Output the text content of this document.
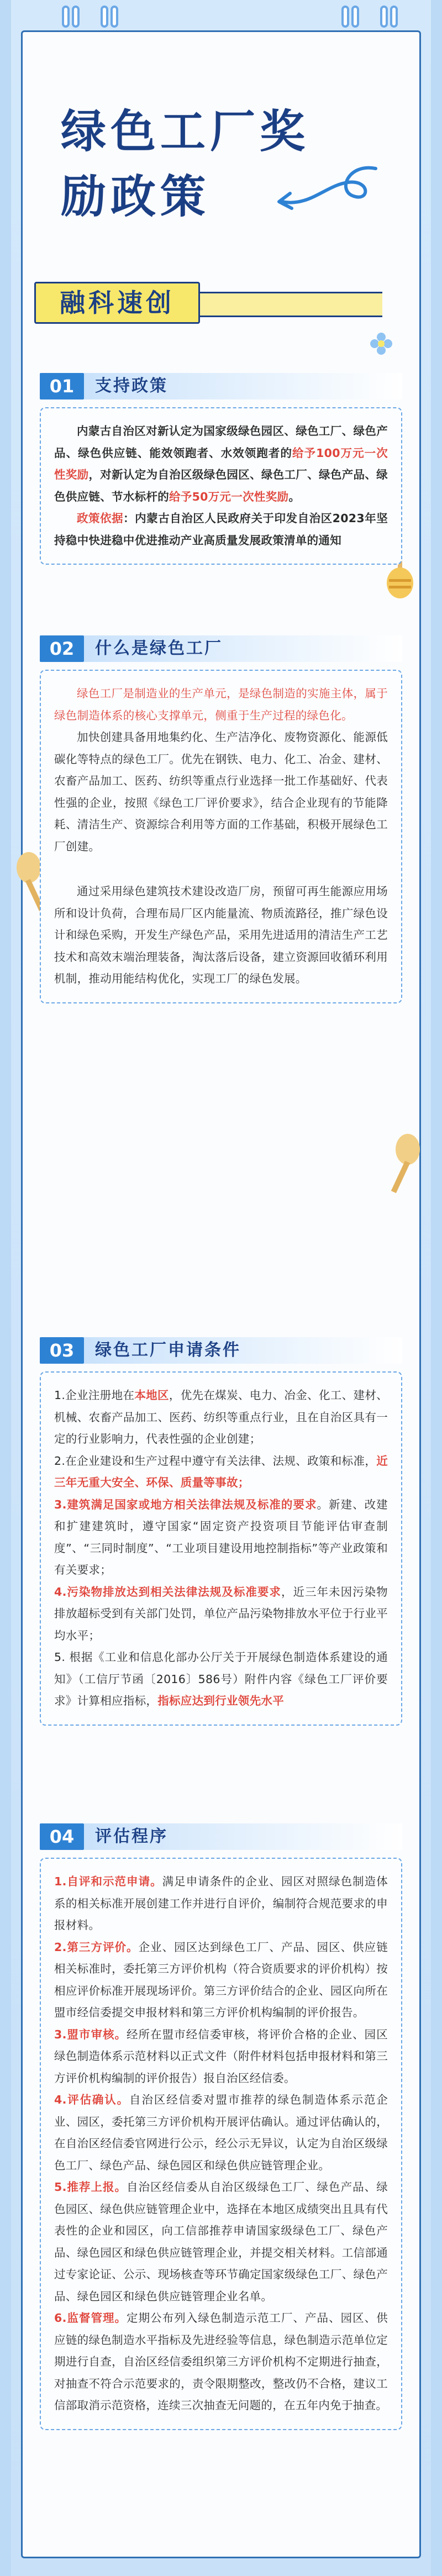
绿色工厂奖
励政策
融科速创
01	支持政策

内蒙古自治区对新认定为国家级绿色园区、绿色工厂、绿色产品、绿色供应链、能效领跑者、水效领跑者的给予100万元一次性奖励，对新认定为自治区级绿色园区、绿色工厂、绿色产品、绿色供应链、节水标杆的给予50万元一次性奖励。

政策依据：内蒙古自治区人民政府关于印发自治区2023年坚持稳中快进稳中优进推动产业高质量发展政策清单的通知

02	什么是绿色工厂

绿色工厂是制造业的生产单元，是绿色制造的实施主体，属于绿色制造体系的核心支撑单元，侧重于生产过程的绿色化。

加快创建具备用地集约化、生产洁净化、废物资源化、能源低碳化等特点的绿色工厂。优先在钢铁、电力、化工、冶金、建材、农畜产品加工、医药、纺织等重点行业选择一批工作基础好、代表性强的企业，按照《绿色工厂评价要求》，结合企业现有的节能降耗、清洁生产、资源综合利用等方面的工作基础，积极开展绿色工厂创建。

通过采用绿色建筑技术建设改造厂房，预留可再生能源应用场所和设计负荷，合理布局厂区内能量流、物质流路径，推广绿色设计和绿色采购，开发生产绿色产品，采用先进适用的清洁生产工艺技术和高效末端治理装备，淘汰落后设备，建立资源回收循环利用机制，推动用能结构优化，实现工厂的绿色发展。

03	绿色工厂申请条件

1.企业注册地在本地区，优先在煤炭、电力、冶金、化工、建材、机械、农畜产品加工、医药、纺织等重点行业，且在自治区具有一定的行业影响力，代表性强的企业创建；

2.在企业建设和生产过程中遵守有关法律、法规、政策和标准，近三年无重大安全、环保、质量等事故；

3.建筑满足国家或地方相关法律法规及标准的要求。新建、改建和扩建建筑时，遵守国家“固定资产投资项目节能评估审查制度”、“三同时制度”、“工业项目建设用地控制指标”等产业政策和有关要求；

4.污染物排放达到相关法律法规及标准要求，近三年未因污染物排放超标受到有关部门处罚，单位产品污染物排放水平位于行业平均水平；

5. 根据《工业和信息化部办公厅关于开展绿色制造体系建设的通知》（工信厅节函〔2016〕586号）附件内容《绿色工厂评价要求》计算相应指标，指标应达到行业领先水平

04	评估程序

1.自评和示范申请。满足申请条件的企业、园区对照绿色制造体系的相关标准开展创建工作并进行自评价，编制符合规范要求的申报材料。

2.第三方评价。企业、园区达到绿色工厂、产品、园区、供应链相关标准时，委托第三方评价机构（符合资质要求的评价机构）按相应评价标准开展现场评价。第三方评价结合的企业、园区向所在盟市经信委提交申报材料和第三方评价机构编制的评价报告。

3.盟市审核。经所在盟市经信委审核，将评价合格的企业、园区绿色制造体系示范材料以正式文件（附件材料包括申报材料和第三方评价机构编制的评价报告）报自治区经信委。

4.评估确认。自治区经信委对盟市推荐的绿色制造体系示范企业、园区，委托第三方评价机构开展评估确认。通过评估确认的，在自治区经信委官网进行公示，经公示无异议，认定为自治区级绿色工厂、绿色产品、绿色园区和绿色供应链管理企业。

5.推荐上报。自治区经信委从自治区级绿色工厂、绿色产品、绿色园区、绿色供应链管理企业中，选择在本地区成绩突出且具有代表性的企业和园区，向工信部推荐申请国家级绿色工厂、绿色产品、绿色园区和绿色供应链管理企业，并提交相关材料。工信部通过专家论证、公示、现场核查等环节确定国家级绿色工厂、绿色产品、绿色园区和绿色供应链管理企业名单。

6.监督管理。定期公布列入绿色制造示范工厂、产品、园区、供应链的绿色制造水平指标及先进经验等信息，绿色制造示范单位定期进行自查，自治区经信委组织第三方评价机构不定期进行抽查，对抽查不符合示范要求的，责令限期整改，整改仍不合格，建议工信部取消示范资格，连续三次抽查无问题的，在五年内免于抽查。
